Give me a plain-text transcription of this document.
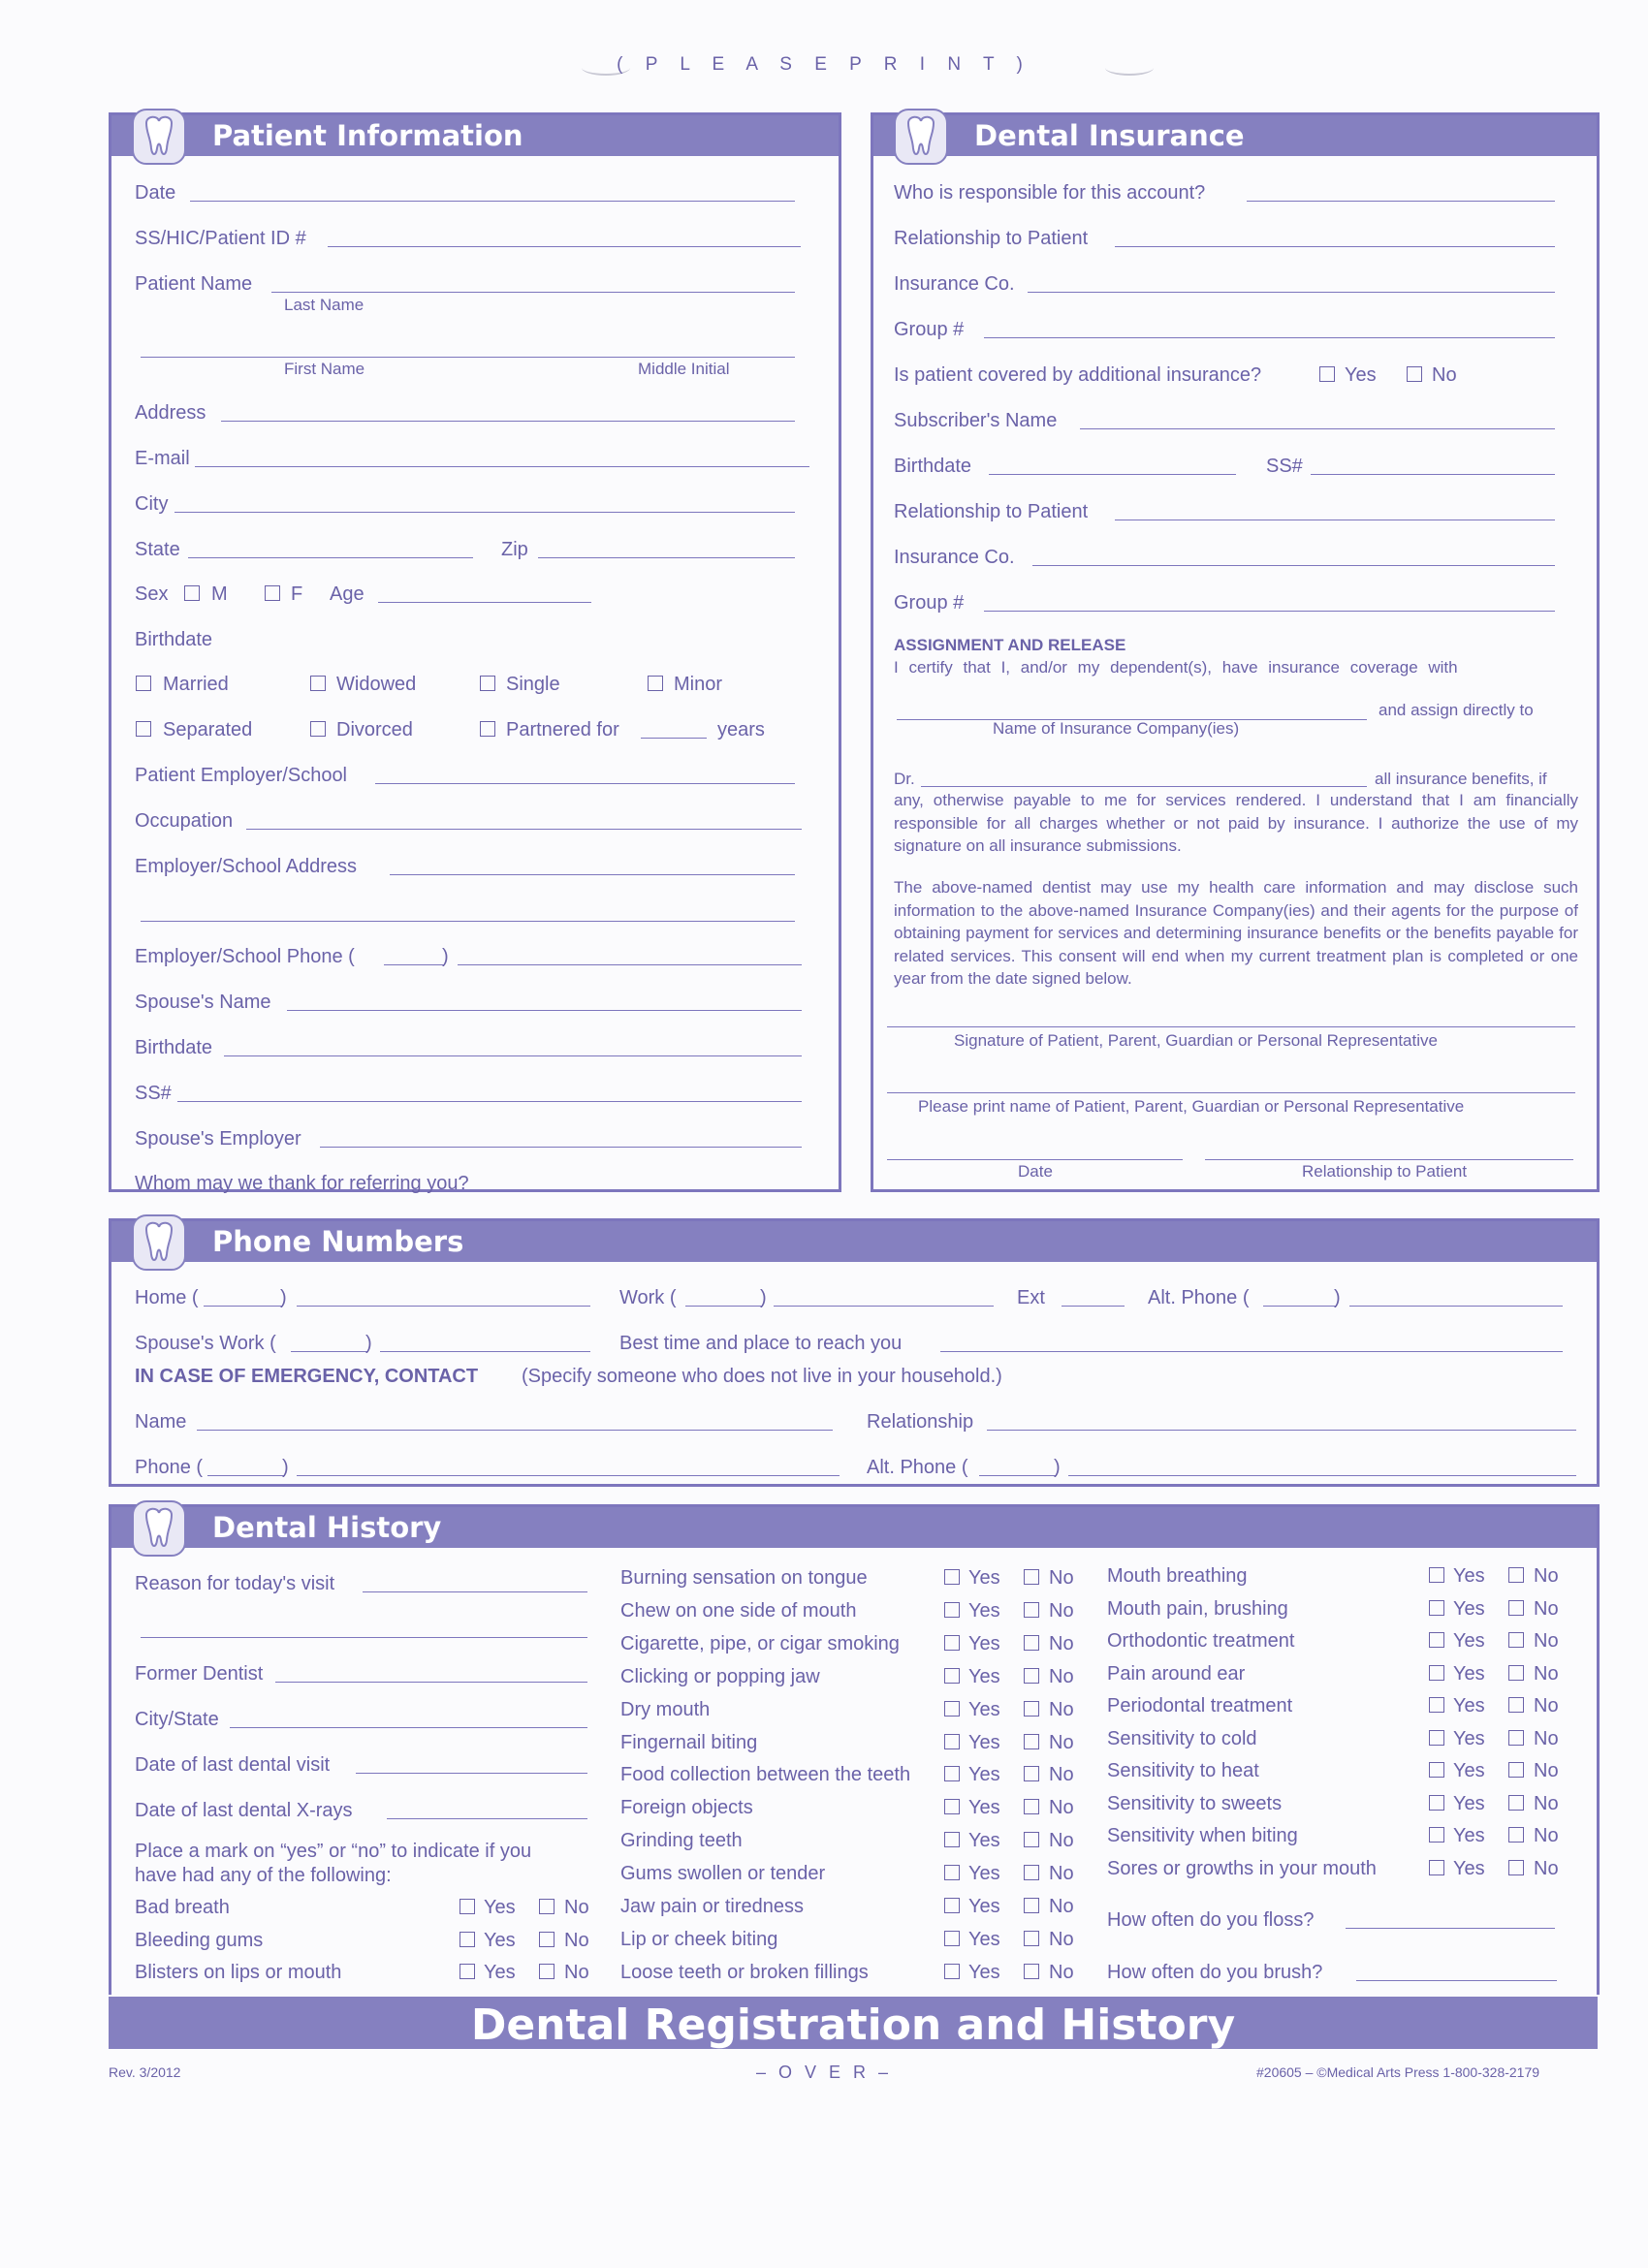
( P L E A S E P R I N T )
Patient Information
Date
SS/HIC/Patient ID #
Patient Name
Last Name
First Name	Middle Initial
Address
E-mail
City
State	Zip
Sex M	F Age
Birthdate
Married	Widowed	Single	Minor
Separated	Divorced	Partnered for	years
Patient Employer/School
Occupation
Employer/School Address
Employer/School Phone (	)
Spouse's Name
Birthdate
SS#
Spouse's Employer
Whom may we thank for referring you?
Dental Insurance
Who is responsible for this account?
Relationship to Patient
Insurance Co.
Group #
Is patient covered by additional insurance?	Yes	No
Subscriber's Name
Birthdate	SS#
Relationship to Patient
Insurance Co.
Group #
ASSIGNMENT AND RELEASE
I certify that I, and/or my dependent(s), have insurance coverage with
and assign directly to
Name of Insurance Company(ies)
Dr.	all insurance benefits, if
any, otherwise payable to me for services rendered. I understand that I am financially responsible for all charges whether or not paid by insurance. I authorize the use of my signature on all insurance submissions.
The above-named dentist may use my health care information and may disclose such information to the above-named Insurance Company(ies) and their agents for the purpose of obtaining payment for services and determining insurance benefits or the benefits payable for related services. This consent will end when my current treatment plan is completed or one year from the date signed below.
Signature of Patient, Parent, Guardian or Personal Representative
Please print name of Patient, Parent, Guardian or Personal Representative
Date	Relationship to Patient
Phone Numbers
Home (	)	Work (	)	Ext	Alt. Phone (	)
Spouse's Work (	)	Best time and place to reach you
IN CASE OF EMERGENCY, CONTACT (Specify someone who does not live in your household.)
Name	Relationship
Phone (	)	Alt. Phone (	)
Dental History
Reason for today's visit
Former Dentist
City/State
Date of last dental visit
Date of last dental X-rays
Place a mark on “yes” or “no” to indicate if you
have had any of the following:
Bad breath	Yes	No
Bleeding gums	Yes	No
Blisters on lips or mouth	Yes	No
Burning sensation on tongue	Yes	No
Chew on one side of mouth	Yes	No
Cigarette, pipe, or cigar smoking	Yes	No
Clicking or popping jaw	Yes	No
Dry mouth	Yes	No
Fingernail biting	Yes	No
Food collection between the teeth	Yes	No
Foreign objects	Yes	No
Grinding teeth	Yes	No
Gums swollen or tender	Yes	No
Jaw pain or tiredness	Yes	No
Lip or cheek biting	Yes	No
Loose teeth or broken fillings	Yes	No
Mouth breathing	Yes	No
Mouth pain, brushing	Yes	No
Orthodontic treatment	Yes	No
Pain around ear	Yes	No
Periodontal treatment	Yes	No
Sensitivity to cold	Yes	No
Sensitivity to heat	Yes	No
Sensitivity to sweets	Yes	No
Sensitivity when biting	Yes	No
Sores or growths in your mouth	Yes	No
How often do you floss?
How often do you brush?
Dental Registration and History
Rev. 3/2012	– O V E R –	#20605 – ©Medical Arts Press 1-800-328-2179
